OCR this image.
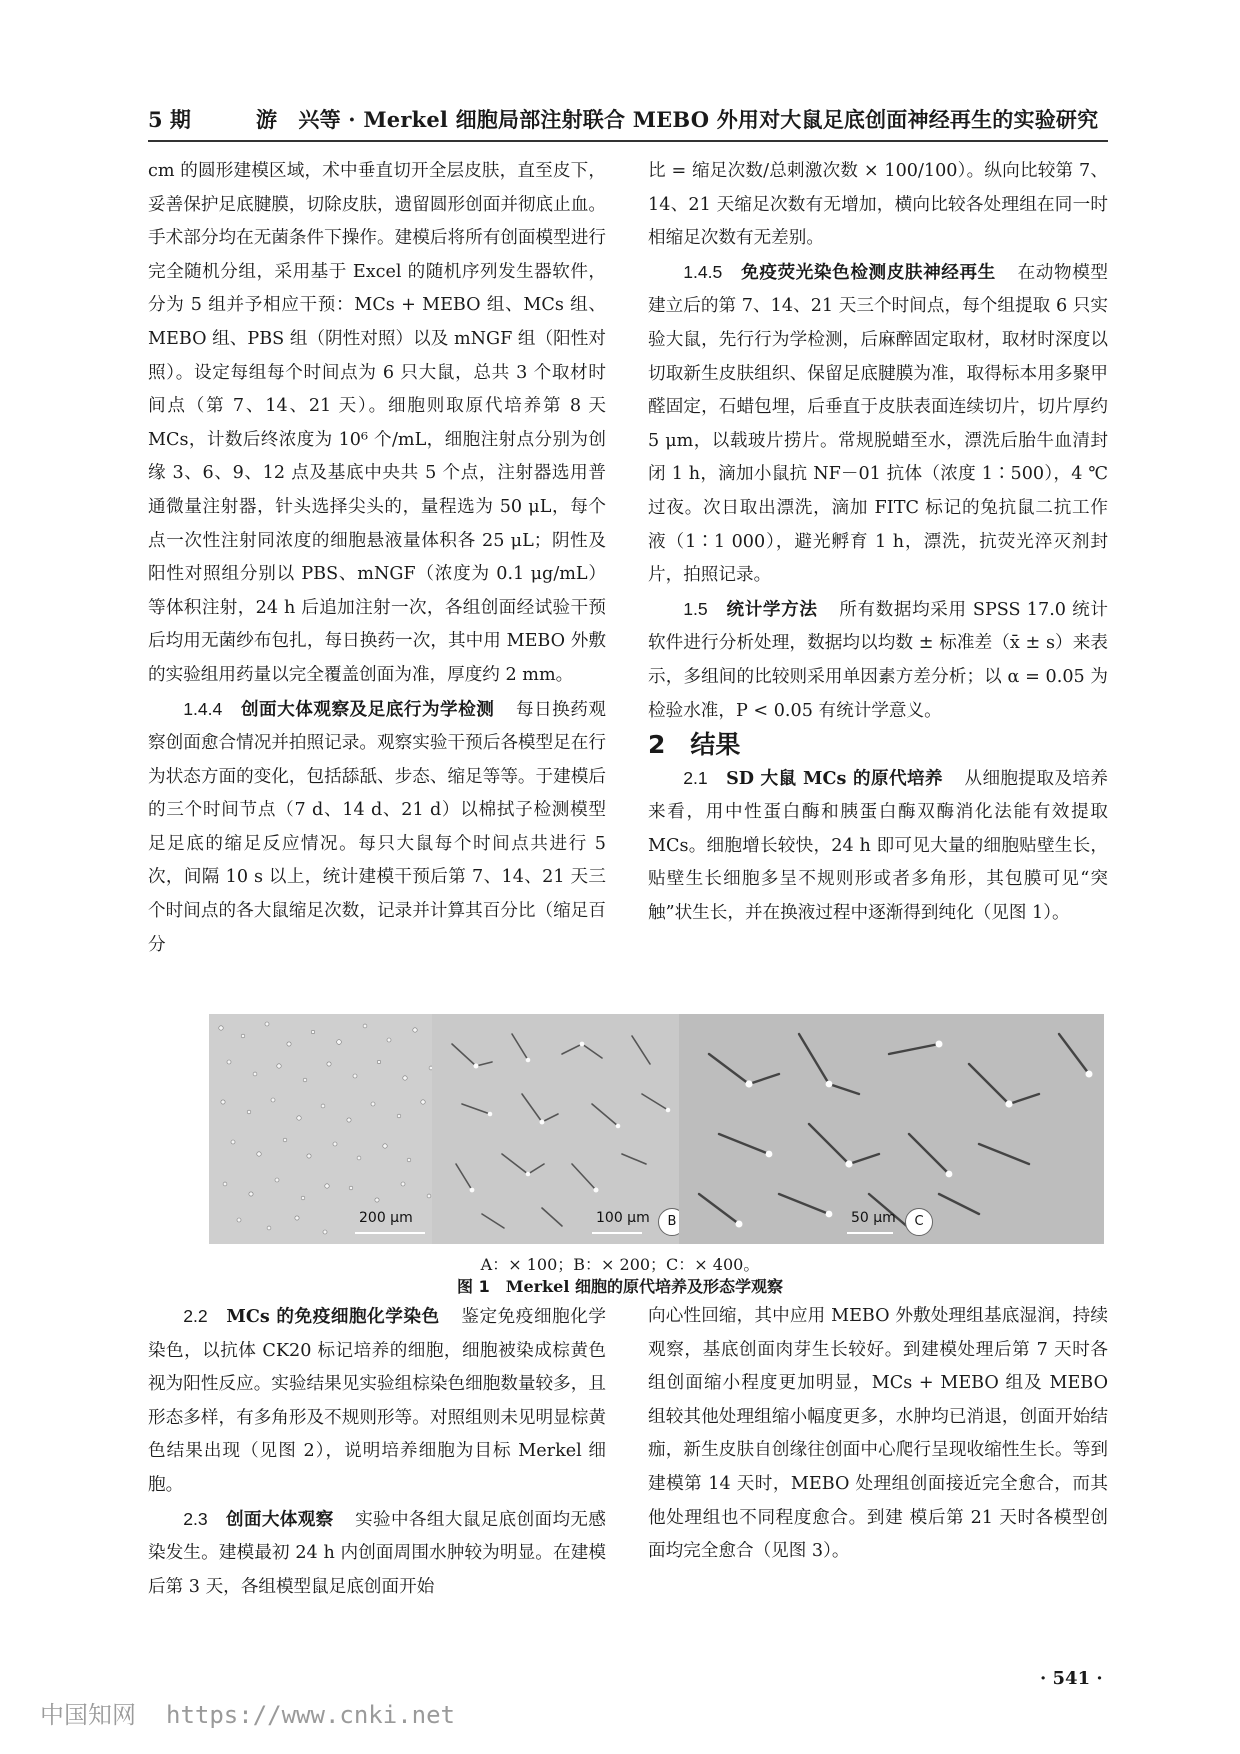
5 期	游　兴等 · Merkel 细胞局部注射联合 MEBO 外用对大鼠足底创面神经再生的实验研究

cm 的圆形建模区域，术中垂直切开全层皮肤，直至皮下，妥善保护足底腱膜，切除皮肤，遗留圆形创面并彻底止血。手术部分均在无菌条件下操作。建模后将所有创面模型进行完全随机分组，采用基于 Excel 的随机序列发生器软件，分为 5 组并予相应干预：MCs + MEBO 组、MCs 组、MEBO 组、PBS 组（阴性对照）以及 mNGF 组（阳性对照）。设定每组每个时间点为 6 只大鼠，总共 3 个取材时间点（第 7、14、21 天）。细胞则取原代培养第 8 天 MCs，计数后终浓度为 10⁶ 个/mL，细胞注射点分别为创缘 3、6、9、12 点及基底中央共 5 个点，注射器选用普通微量注射器，针头选择尖头的，量程选为 50 μL，每个点一次性注射同浓度的细胞悬液量体积各 25 μL；阴性及阳性对照组分别以 PBS、mNGF（浓度为 0.1 μg/mL）等体积注射，24 h 后追加注射一次，各组创面经试验干预后均用无菌纱布包扎，每日换药一次，其中用 MEBO 外敷的实验组用药量以完全覆盖创面为准，厚度约 2 mm。

1.4.4　 创面大体观察及足底行为学检测 每日换药观察创面愈合情况并拍照记录。观察实验干预后各模型足在行为状态方面的变化，包括舔舐、步态、缩足等等。于建模后的三个时间节点（7 d、14 d、21 d）以棉拭子检测模型足足底的缩足反应情况。每只大鼠每个时间点共进行 5 次，间隔 10 s 以上，统计建模干预后第 7、14、21 天三个时间点的各大鼠缩足次数，记录并计算其百分比（缩足百分

比 = 缩足次数/总刺激次数 × 100/100）。纵向比较第 7、14、21 天缩足次数有无增加，横向比较各处理组在同一时相缩足次数有无差别。

1.4.5　 免疫荧光染色检测皮肤神经再生 在动物模型建立后的第 7、14、21 天三个时间点，每个组提取 6 只实验大鼠，先行行为学检测，后麻醉固定取材，取材时深度以切取新生皮肤组织、保留足底腱膜为准，取得标本用多聚甲醛固定，石蜡包埋，后垂直于皮肤表面连续切片，切片厚约 5 μm，以载玻片捞片。常规脱蜡至水，漂洗后胎牛血清封闭 1 h，滴加小鼠抗 NF－01 抗体（浓度 1∶500），4 ℃过夜。次日取出漂洗，滴加 FITC 标记的兔抗鼠二抗工作液（1∶1 000），避光孵育 1 h，漂洗，抗荧光淬灭剂封片，拍照记录。

1.5　 统计学方法 所有数据均采用 SPSS 17.0 统计软件进行分析处理，数据均以均数 ± 标准差（x̄ ± s）来表示，多组间的比较则采用单因素方差分析；以 α = 0.05 为检验水准，P < 0.05 有统计学意义。

2　 结果

2.1　 SD 大鼠 MCs 的原代培养 从细胞提取及培养来看，用中性蛋白酶和胰蛋白酶双酶消化法能有效提取 MCs。细胞增长较快，24 h 即可见大量的细胞贴壁生长，贴壁生长细胞多呈不规则形或者多角形，其包膜可见“突触”状生长，并在换液过程中逐渐得到纯化（见图 1）。

200 μm	100 μm	B	50 μm	C
A：× 100；B：× 200；C：× 400。
图 1　 Merkel 细胞的原代培养及形态学观察

2.2　 MCs 的免疫细胞化学染色 鉴定免疫细胞化学染色，以抗体 CK20 标记培养的细胞，细胞被染成棕黄色视为阳性反应。实验结果见实验组棕染色细胞数量较多，且形态多样，有多角形及不规则形等。对照组则未见明显棕黄色结果出现（见图 2），说明培养细胞为目标 Merkel 细胞。

2.3　 创面大体观察 实验中各组大鼠足底创面均无感染发生。建模最初 24 h 内创面周围水肿较为明显。在建模后第 3 天，各组模型鼠足底创面开始

向心性回缩，其中应用 MEBO 外敷处理组基底湿润，持续观察，基底创面肉芽生长较好。到建模处理后第 7 天时各组创面缩小程度更加明显，MCs + MEBO 组及 MEBO 组较其他处理组缩小幅度更多，水肿均已消退，创面开始结痂，新生皮肤自创缘往创面中心爬行呈现收缩性生长。等到建模第 14 天时，MEBO 处理组创面接近完全愈合，而其他处理组也不同程度愈合。到建 模后第 21 天时各模型创面均完全愈合（见图 3）。

· 541 ·
中国知网 https://www.cnki.net
